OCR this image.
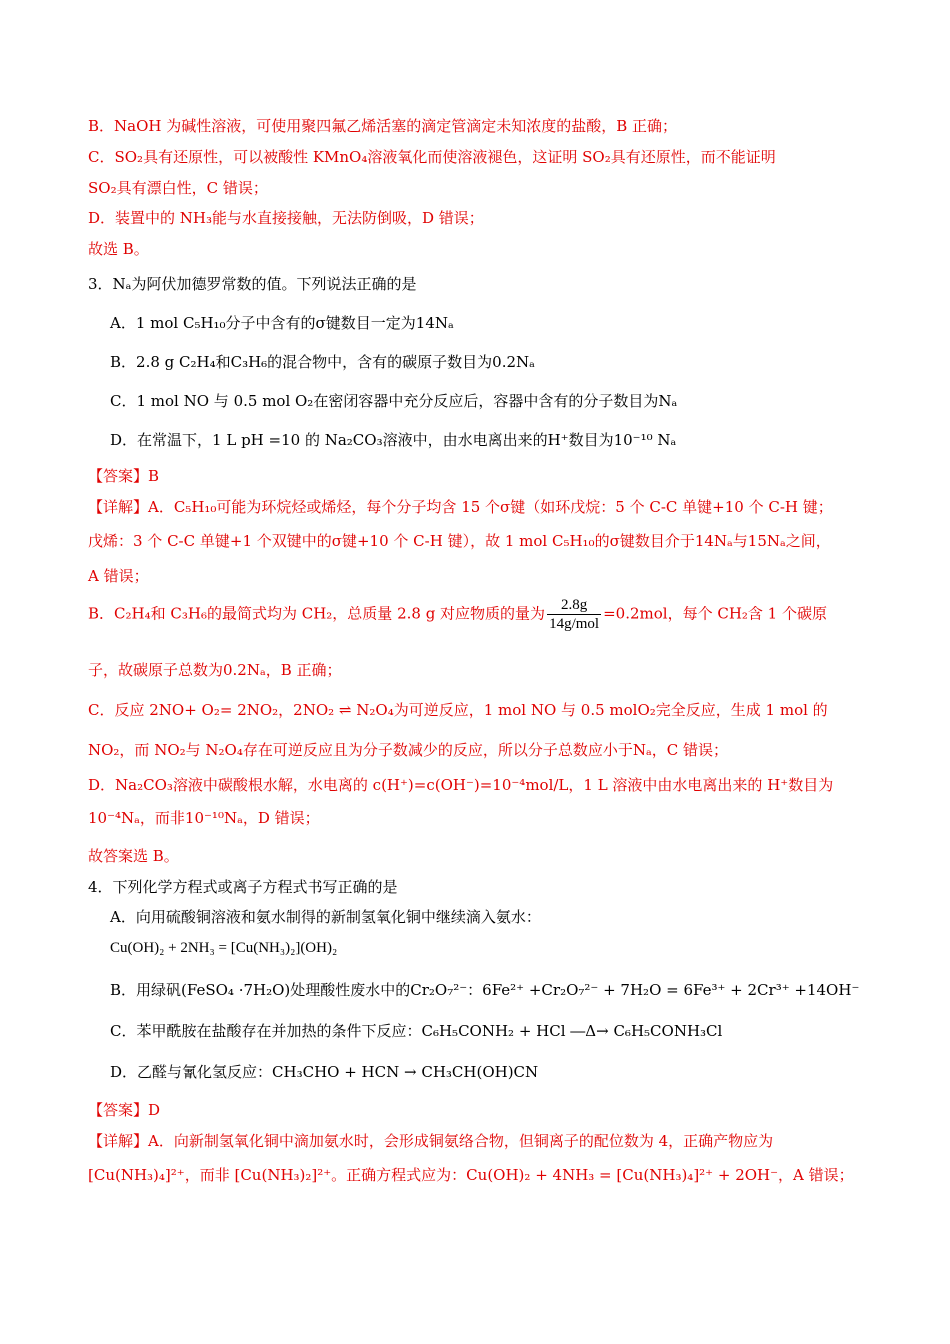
B．NaOH 为碱性溶液，可使用聚四氟乙烯活塞的滴定管滴定未知浓度的盐酸，B 正确；
C．SO₂具有还原性，可以被酸性 KMnO₄溶液氧化而使溶液褪色，这证明 SO₂具有还原性，而不能证明
SO₂具有漂白性，C 错误；
D．装置中的 NH₃能与水直接接触，无法防倒吸，D 错误；
故选 B。
3．Nₐ为阿伏加德罗常数的值。下列说法正确的是
A．1 mol C₅H₁₀分子中含有的σ键数目一定为14Nₐ
B．2.8 g C₂H₄和C₃H₆的混合物中，含有的碳原子数目为0.2Nₐ
C．1 mol NO 与 0.5 mol O₂在密闭容器中充分反应后，容器中含有的分子数目为Nₐ
D．在常温下，1 L pH =10 的 Na₂CO₃溶液中，由水电离出来的H⁺数目为10⁻¹⁰ Nₐ
【答案】B
【详解】A．C₅H₁₀可能为环烷烃或烯烃，每个分子均含 15 个σ键（如环戊烷：5 个 C-C 单键+10 个 C-H 键；
戊烯：3 个 C-C 单键+1 个双键中的σ键+10 个 C-H 键），故 1 mol C₅H₁₀的σ键数目介于14Nₐ与15Nₐ之间，
A 错误；
B．C₂H₄和 C₃H₆的最简式均为 CH₂，总质量 2.8 g 对应物质的量为 $\frac{2.8g}{\text{14g/mol}} =0.2mol$，每个 CH₂含 1 个碳原
子，故碳原子总数为0.2Nₐ，B 正确；
C．反应 2NO+ O₂= 2NO₂，2NO₂ ⇌ N₂O₄为可逆反应，1 mol NO 与 0.5 molO₂完全反应，生成 1 mol 的
NO₂，而 NO₂与 N₂O₄存在可逆反应且为分子数减少的反应，所以分子总数应小于Nₐ，C 错误；
D．Na₂CO₃溶液中碳酸根水解，水电离的 c(H⁺)=c(OH⁻)=10⁻⁴mol/L，1 L 溶液中由水电离出来的 H⁺数目为
10⁻⁴Nₐ，而非10⁻¹⁰Nₐ，D 错误；
故答案选 B。
4．下列化学方程式或离子方程式书写正确的是
A．向用硫酸铜溶液和氨水制得的新制氢氧化铜中继续滴入氨水：
Cu(OH)₂ + 2NH₃ = [Cu(NH₃)₂](OH)₂
B．用绿矾(FeSO₄ ·7H₂O)处理酸性废水中的Cr₂O₇²⁻：6Fe²⁺ +Cr₂O₇²⁻ + 7H₂O = 6Fe³⁺ + 2Cr³⁺ +14OH⁻
C．苯甲酰胺在盐酸存在并加热的条件下反应：C₆H₅CONH₂ + HCl ―Δ→ C₆H₅CONH₃Cl
D．乙醛与氰化氢反应：CH₃CHO + HCN → CH₃CH(OH)CN
【答案】D
【详解】A．向新制氢氧化铜中滴加氨水时，会形成铜氨络合物，但铜离子的配位数为 4，正确产物应为
[Cu(NH₃)₄]²⁺，而非 [Cu(NH₃)₂]²⁺。正确方程式应为：Cu(OH)₂ + 4NH₃ = [Cu(NH₃)₄]²⁺ + 2OH⁻，A 错误；
